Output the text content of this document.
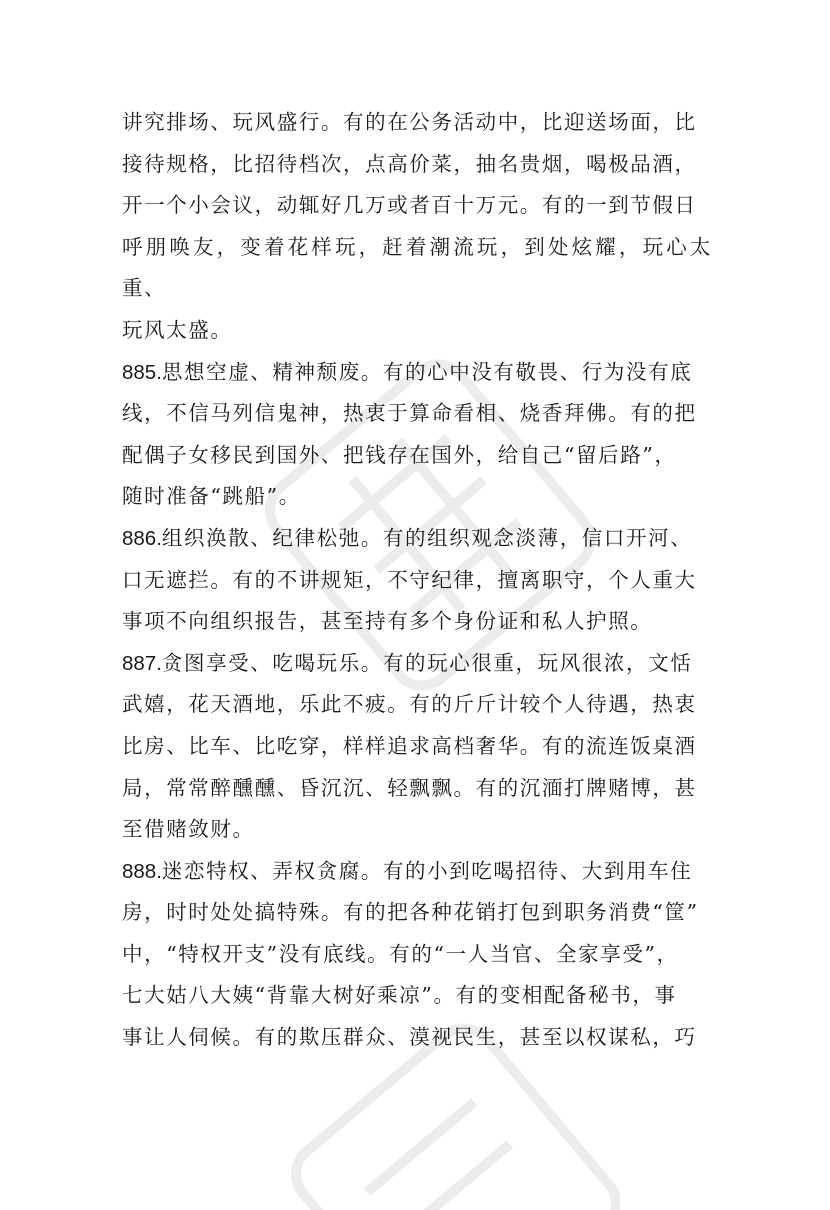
讲究排场、玩风盛行。有的在公务活动中，比迎送场面，比
接待规格，比招待档次，点高价菜，抽名贵烟，喝极品酒，
开一个小会议，动辄好几万或者百十万元。有的一到节假日
呼朋唤友，变着花样玩，赶着潮流玩，到处炫耀，玩心太重、
玩风太盛。

885.思想空虚、精神颓废。有的心中没有敬畏、行为没有底
线，不信马列信鬼神，热衷于算命看相、烧香拜佛。有的把
配偶子女移民到国外、把钱存在国外，给自己“留后路”，
随时准备“跳船”。

886.组织涣散、纪律松弛。有的组织观念淡薄，信口开河、
口无遮拦。有的不讲规矩，不守纪律，擅离职守，个人重大
事项不向组织报告，甚至持有多个身份证和私人护照。

887.贪图享受、吃喝玩乐。有的玩心很重，玩风很浓，文恬
武嬉，花天酒地，乐此不疲。有的斤斤计较个人待遇，热衷
比房、比车、比吃穿，样样追求高档奢华。有的流连饭桌酒
局，常常醉醺醺、昏沉沉、轻飘飘。有的沉湎打牌赌博，甚
至借赌敛财。

888.迷恋特权、弄权贪腐。有的小到吃喝招待、大到用车住
房，时时处处搞特殊。有的把各种花销打包到职务消费“筐”
中，“特权开支”没有底线。有的“一人当官、全家享受”，
七大姑八大姨“背靠大树好乘凉”。有的变相配备秘书，事
事让人伺候。有的欺压群众、漠视民生，甚至以权谋私，巧
